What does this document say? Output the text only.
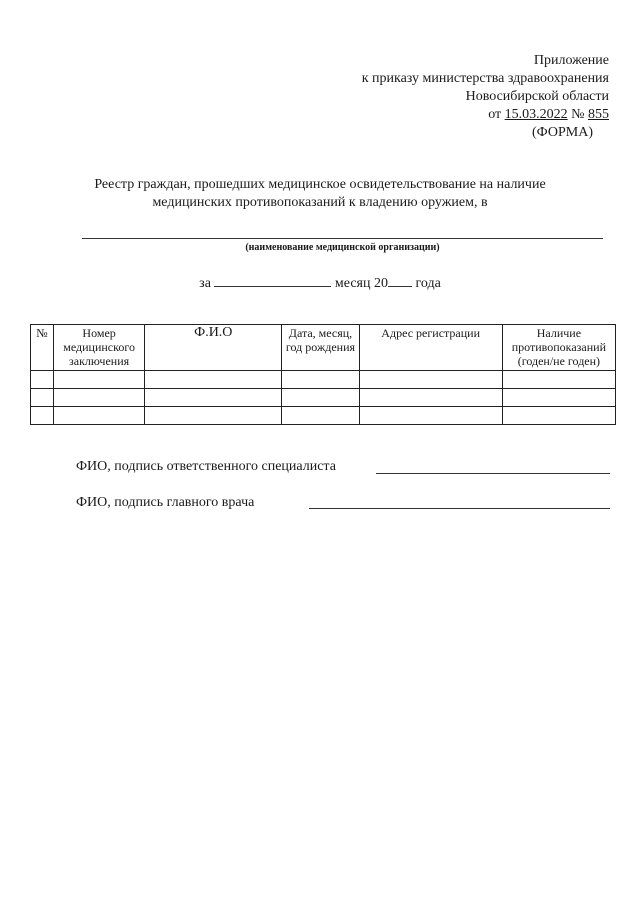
Приложение
к приказу министерства здравоохранения
Новосибирской области
от 15.03.2022 № 855
(ФОРМА)
Реестр граждан, прошедших медицинское освидетельствование на наличие
медицинских противопоказаний к владению оружием, в
(наименование медицинской организации)
за	месяц 20 года
№	Номер медицинского заключения	Ф.И.О	Дата, месяц, год рождения	Адрес регистрации	Наличие противопоказаний (годен/не годен)

ФИО, подпись ответственного специалиста
ФИО, подпись главного врача
